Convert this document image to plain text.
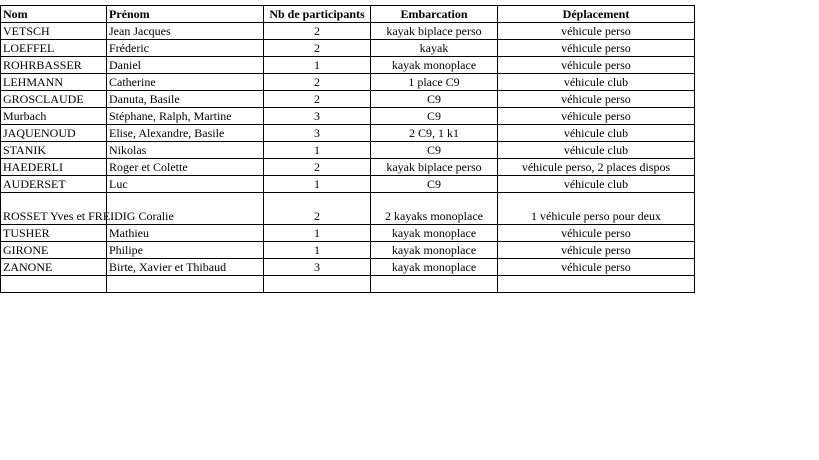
Nom	Prénom	Nb de participants	Embarcation	Déplacement
VETSCH	Jean Jacques	2	kayak biplace perso	véhicule perso
LOEFFEL	Fréderic	2	kayak	véhicule perso
ROHRBASSER	Daniel	1	kayak monoplace	véhicule perso
LEHMANN	Catherine	2	1 place C9	véhicule club
GROSCLAUDE	Danuta, Basile	2	C9	véhicule perso
Murbach	Stéphane, Ralph, Martine	3	C9	véhicule perso
JAQUENOUD	Elise, Alexandre, Basile	3	2 C9, 1 k1	véhicule club
STANIK	Nikolas	1	C9	véhicule club
HAEDERLI	Roger et Colette	2	kayak biplace perso	véhicule perso, 2 places dispos
AUDERSET	Luc	1	C9	véhicule club
ROSSET Yves et FREIDIG Coralie		2	2 kayaks monoplace	1 véhicule perso pour deux
TUSHER	Mathieu	1	kayak monoplace	véhicule perso
GIRONE	Philipe	1	kayak monoplace	véhicule perso
ZANONE	Birte, Xavier et Thibaud	3	kayak monoplace	véhicule perso
